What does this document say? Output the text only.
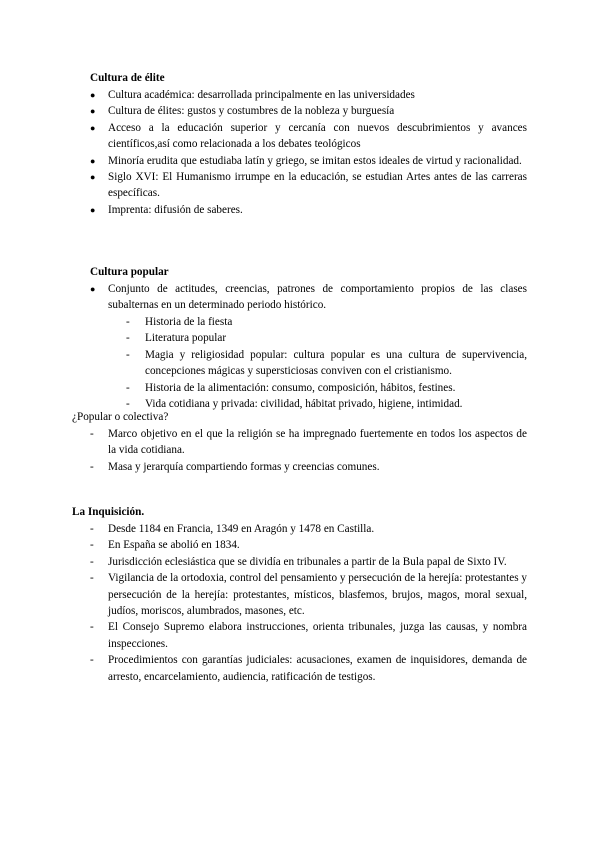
Cultura de élite

● Cultura académica: desarrollada principalmente en las universidades
● Cultura de élites: gustos y costumbres de la nobleza y burguesía
● Acceso a la educación superior y cercanía con nuevos descubrimientos y avances científicos,así como relacionada a los debates teológicos
● Minoría erudita que estudiaba latín y griego, se imitan estos ideales de virtud y racionalidad.
● Siglo XVI: El Humanismo irrumpe en la educación, se estudian Artes antes de las carreras específicas.
● Imprenta: difusión de saberes.

Cultura popular

● Conjunto de actitudes, creencias, patrones de comportamiento propios de las clases subalternas en un determinado periodo histórico.
- Historia de la fiesta
- Literatura popular
- Magia y religiosidad popular: cultura popular es una cultura de supervivencia, concepciones mágicas y supersticiosas conviven con el cristianismo.
- Historia de la alimentación: consumo, composición, hábitos, festines.
- Vida cotidiana y privada: civilidad, hábitat privado, higiene, intimidad.

¿Popular o colectiva?

- Marco objetivo en el que la religión se ha impregnado fuertemente en todos los aspectos de la vida cotidiana.
- Masa y jerarquía compartiendo formas y creencias comunes.

La Inquisición.

- Desde 1184 en Francia, 1349 en Aragón y 1478 en Castilla.
- En España se abolió en 1834.
- Jurisdicción eclesiástica que se dividía en tribunales a partir de la Bula papal de Sixto IV.
- Vigilancia de la ortodoxia, control del pensamiento y persecución de la herejía: protestantes y persecución de la herejía: protestantes, místicos, blasfemos, brujos, magos, moral sexual, judíos, moriscos, alumbrados, masones, etc.
- El Consejo Supremo elabora instrucciones, orienta tribunales, juzga las causas, y nombra inspecciones.
- Procedimientos con garantías judiciales: acusaciones, examen de inquisidores, demanda de arresto, encarcelamiento, audiencia, ratificación de testigos.
